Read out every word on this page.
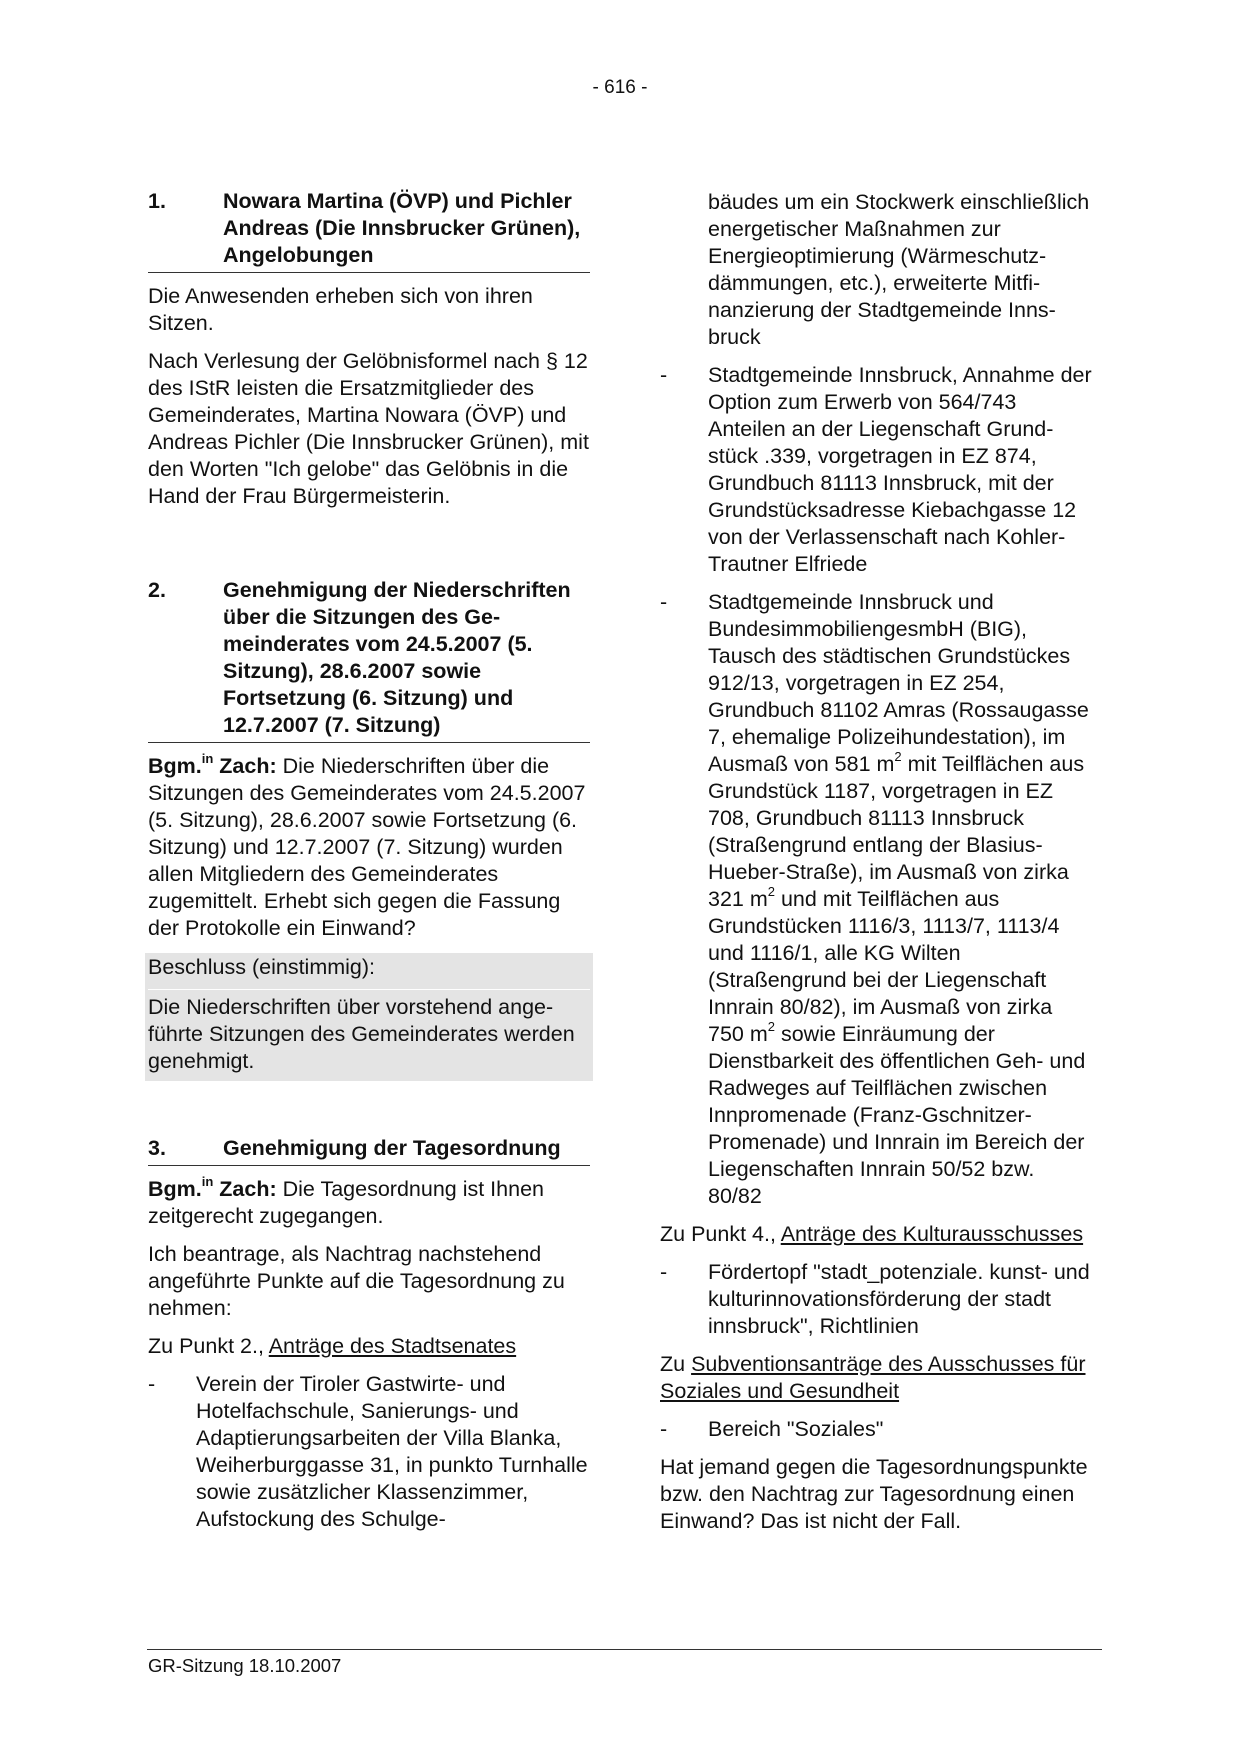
- 616 -
1.	Nowara Martina (ÖVP) und Pichler Andreas (Die Innsbrucker Grünen), Angelobungen

Die Anwesenden erheben sich von ihren Sitzen.

Nach Verlesung der Gelöbnisformel nach § 12 des IStR leisten die Ersatzmitglieder des Gemeinderates, Martina Nowara (ÖVP) und Andreas Pichler (Die Innsbrucker Grünen), mit den Worten "Ich gelobe" das Gelöbnis in die Hand der Frau Bürgermeisterin.

2.	Genehmigung der Niederschriften über die Sitzungen des Gemeinderates vom 24.5.2007 (5. Sitzung), 28.6.2007 sowie Fortsetzung (6. Sitzung) und 12.7.2007 (7. Sitzung)

Bgm.$^{in}$ Zach: Die Niederschriften über die Sitzungen des Gemeinderates vom 24.5.2007 (5. Sitzung), 28.6.2007 sowie Fortsetzung (6. Sitzung) und 12.7.2007 (7. Sitzung) wurden allen Mitgliedern des Gemeinderates zugemittelt. Erhebt sich gegen die Fassung der Protokolle ein Einwand?

Beschluss (einstimmig):

Die Niederschriften über vorstehend angeführte Sitzungen des Gemeinderates werden genehmigt.

3.	Genehmigung der Tagesordnung

Bgm.$^{in}$ Zach: Die Tagesordnung ist Ihnen zeitgerecht zugegangen.

Ich beantrage, als Nachtrag nachstehend angeführte Punkte auf die Tagesordnung zu nehmen:

Zu Punkt 2., Anträge des Stadtsenates

-	Verein der Tiroler Gastwirte- und Hotelfachschule, Sanierungs- und Adaptierungsarbeiten der Villa Blanka, Weiherburggasse 31, in punkto Turnhalle sowie zusätzlicher Klassenzimmer, Aufstockung des Schulge-
bäudes um ein Stockwerk einschließlich energetischer Maßnahmen zur Energieoptimierung (Wärmeschutzdämmungen, etc.), erweiterte Mitfinanzierung der Stadtgemeinde Innsbruck
-	Stadtgemeinde Innsbruck, Annahme der Option zum Erwerb von 564/743 Anteilen an der Liegenschaft Grundstück .339, vorgetragen in EZ 874, Grundbuch 81113 Innsbruck, mit der Grundstücksadresse Kiebachgasse 12 von der Verlassenschaft nach Kohler-Trautner Elfriede
-	Stadtgemeinde Innsbruck und BundesimmobiliengesmbH (BIG), Tausch des städtischen Grundstückes 912/13, vorgetragen in EZ 254, Grundbuch 81102 Amras (Rossaugasse 7, ehemalige Polizeihundestation), im Ausmaß von 581 $m^2$ mit Teilflächen aus Grundstück 1187, vorgetragen in EZ 708, Grundbuch 81113 Innsbruck (Straßengrund entlang der Blasius-Hueber-Straße), im Ausmaß von zirka 321 $m^2$ und mit Teilflächen aus Grundstücken 1116/3, 1113/7, 1113/4 und 1116/1, alle KG Wilten (Straßengrund bei der Liegenschaft Innrain 80/82), im Ausmaß von zirka 750 $m^2$ sowie Einräumung der Dienstbarkeit des öffentlichen Geh- und Radweges auf Teilflächen zwischen Innpromenade (Franz-Gschnitzer-Promenade) und Innrain im Bereich der Liegenschaften Innrain 50/52 bzw. 80/82

Zu Punkt 4., Anträge des Kulturausschusses

-	Fördertopf "stadt_potenziale. kunst- und kulturinnovationsförderung der stadt innsbruck", Richtlinien

Zu Subventionsanträge des Ausschusses für Soziales und Gesundheit

-	Bereich "Soziales"

Hat jemand gegen die Tagesordnungspunkte bzw. den Nachtrag zur Tagesordnung einen Einwand? Das ist nicht der Fall.

GR-Sitzung 18.10.2007
